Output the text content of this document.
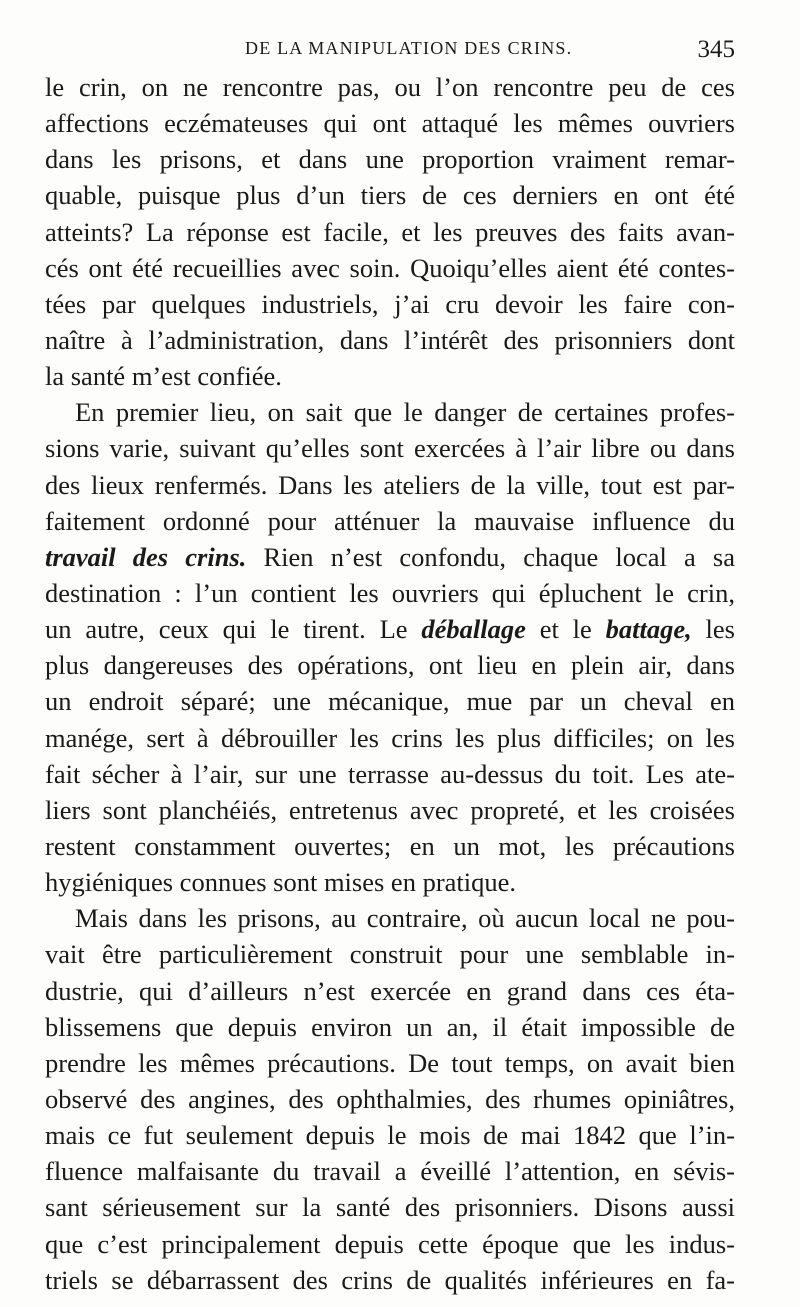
DE LA MANIPULATION DES CRINS.	345
le crin, on ne rencontre pas, ou l’on rencontre peu de ces
affections eczémateuses qui ont attaqué les mêmes ouvriers
dans les prisons, et dans une proportion vraiment remar-
quable, puisque plus d’un tiers de ces derniers en ont été
atteints? La réponse est facile, et les preuves des faits avan-
cés ont été recueillies avec soin. Quoiqu’elles aient été contes-
tées par quelques industriels, j’ai cru devoir les faire con-
naître à l’administration, dans l’intérêt des prisonniers dont
la santé m’est confiée.
En premier lieu, on sait que le danger de certaines profes-
sions varie, suivant qu’elles sont exercées à l’air libre ou dans
des lieux renfermés. Dans les ateliers de la ville, tout est par-
faitement ordonné pour atténuer la mauvaise influence du
travail des crins. Rien n’est confondu, chaque local a sa
destination : l’un contient les ouvriers qui épluchent le crin,
un autre, ceux qui le tirent. Le déballage et le battage, les
plus dangereuses des opérations, ont lieu en plein air, dans
un endroit séparé; une mécanique, mue par un cheval en
manége, sert à débrouiller les crins les plus difficiles; on les
fait sécher à l’air, sur une terrasse au-dessus du toit. Les ate-
liers sont planchéiés, entretenus avec propreté, et les croisées
restent constamment ouvertes; en un mot, les précautions
hygiéniques connues sont mises en pratique.
Mais dans les prisons, au contraire, où aucun local ne pou-
vait être particulièrement construit pour une semblable in-
dustrie, qui d’ailleurs n’est exercée en grand dans ces éta-
blissemens que depuis environ un an, il était impossible de
prendre les mêmes précautions. De tout temps, on avait bien
observé des angines, des ophthalmies, des rhumes opiniâtres,
mais ce fut seulement depuis le mois de mai 1842 que l’in-
fluence malfaisante du travail a éveillé l’attention, en sévis-
sant sérieusement sur la santé des prisonniers. Disons aussi
que c’est principalement depuis cette époque que les indus-
triels se débarrassent des crins de qualités inférieures en fa-
